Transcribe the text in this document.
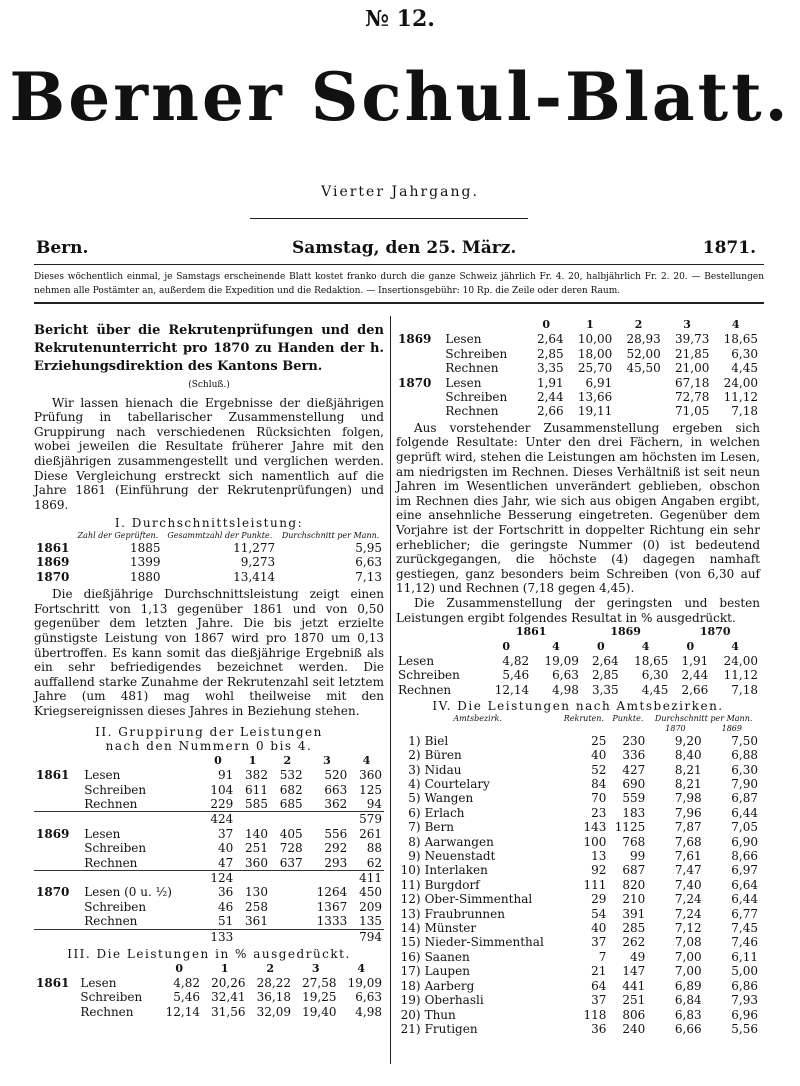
№ 12.
Berner Schul-Blatt.
Vierter Jahrgang.
Bern.	Samstag, den 25. März.	1871.
Dieses wöchentlich einmal, je Samstags erscheinende Blatt kostet franko durch die ganze Schweiz jährlich Fr. 4. 20, halbjährlich Fr. 2. 20. — Bestellungen nehmen alle Postämter an, außerdem die Expedition und die Redaktion. — Insertionsgebühr: 10 Rp. die Zeile oder deren Raum.
Bericht über die Rekrutenprüfungen und den Rekrutenunterricht pro 1870 zu Handen der h. Erziehungsdirektion des Kantons Bern.
(Schluß.)
Wir lassen hienach die Ergebnisse der dießjährigen Prüfung in tabellarischer Zusammenstellung und Gruppirung nach verschiedenen Rücksichten folgen, wobei jeweilen die Resultate früherer Jahre mit den dießjährigen zusammengestellt und verglichen werden. Diese Vergleichung erstreckt sich namentlich auf die Jahre 1861 (Einführung der Rekrutenprüfungen) und 1869.
I. Durchschnittsleistung:
	Zahl der Geprüften.	Gesammtzahl der Punkte.	Durchschnitt per Mann.
1861	1885	11,277	5,95
1869	1399	9,273	6,63
1870	1880	13,414	7,13
Die dießjährige Durchschnittsleistung zeigt einen Fortschritt von 1,13 gegenüber 1861 und von 0,50 gegenüber dem letzten Jahre. Die bis jetzt erzielte günstigste Leistung von 1867 wird pro 1870 um 0,13 übertroffen. Es kann somit das dießjährige Ergebniß als ein sehr befriedigendes bezeichnet werden. Die auffallend starke Zunahme der Rekrutenzahl seit letztem Jahre (um 481) mag wohl theilweise mit den Kriegsereignissen dieses Jahres in Beziehung stehen.
II. Gruppirung der Leistungen
nach den Nummern 0 bis 4.
		0	1	2	3	4
1861	Lesen	91	382	532	520	360
	Schreiben	104	611	682	663	125
	Rechnen	229	585	685	362	94
		424				579
1869	Lesen	37	140	405	556	261
	Schreiben	40	251	728	292	88
	Rechnen	47	360	637	293	62
		124				411
1870	Lesen (0 u. ½)	36	130		1264	450
	Schreiben	46	258		1367	209
	Rechnen	51	361		1333	135
		133				794
III. Die Leistungen in % ausgedrückt.
		0	1	2	3	4
1861	Lesen	4,82	20,26	28,22	27,58	19,09
	Schreiben	5,46	32,41	36,18	19,25	6,63
	Rechnen	12,14	31,56	32,09	19,40	4,98
		0	1	2	3	4
1869	Lesen	2,64	10,00	28,93	39,73	18,65
	Schreiben	2,85	18,00	52,00	21,85	6,30
	Rechnen	3,35	25,70	45,50	21,00	4,45
1870	Lesen	1,91	6,91		67,18	24,00
	Schreiben	2,44	13,66		72,78	11,12
	Rechnen	2,66	19,11		71,05	7,18
Aus vorstehender Zusammenstellung ergeben sich folgende Resultate: Unter den drei Fächern, in welchen geprüft wird, stehen die Leistungen am höchsten im Lesen, am niedrigsten im Rechnen. Dieses Verhältniß ist seit neun Jahren im Wesentlichen unverändert geblieben, obschon im Rechnen dies Jahr, wie sich aus obigen Angaben ergibt, eine ansehnliche Besserung eingetreten. Gegenüber dem Vorjahre ist der Fortschritt in doppelter Richtung ein sehr erheblicher; die geringste Nummer (0) ist bedeutend zurückgegangen, die höchste (4) dagegen namhaft gestiegen, ganz besonders beim Schreiben (von 6,30 auf 11,12) und Rechnen (7,18 gegen 4,45).
Die Zusammenstellung der geringsten und besten Leistungen ergibt folgendes Resultat in % ausgedrückt.
	1861		1869		1870	
	0	4	0	4	0	4
Lesen	4,82	19,09	2,64	18,65	1,91	24,00
Schreiben	5,46	6,63	2,85	6,30	2,44	11,12
Rechnen	12,14	4,98	3,35	4,45	2,66	7,18
IV. Die Leistungen nach Amtsbezirken.
Amtsbezirk.		Rekruten.	Punkte.	Durchschnitt per Mann.	
				1870	1869
1)	Biel	25	230	9,20	7,50
2)	Büren	40	336	8,40	6,88
3)	Nidau	52	427	8,21	6,30
4)	Courtelary	84	690	8,21	7,90
5)	Wangen	70	559	7,98	6,87
6)	Erlach	23	183	7,96	6,44
7)	Bern	143	1125	7,87	7,05
8)	Aarwangen	100	768	7,68	6,90
9)	Neuenstadt	13	99	7,61	8,66
10)	Interlaken	92	687	7,47	6,97
11)	Burgdorf	111	820	7,40	6,64
12)	Ober-Simmenthal	29	210	7,24	6,44
13)	Fraubrunnen	54	391	7,24	6,77
14)	Münster	40	285	7,12	7,45
15)	Nieder-Simmenthal	37	262	7,08	7,46
16)	Saanen	7	49	7,00	6,11
17)	Laupen	21	147	7,00	5,00
18)	Aarberg	64	441	6,89	6,86
19)	Oberhasli	37	251	6,84	7,93
20)	Thun	118	806	6,83	6,96
21)	Frutigen	36	240	6,66	5,56
